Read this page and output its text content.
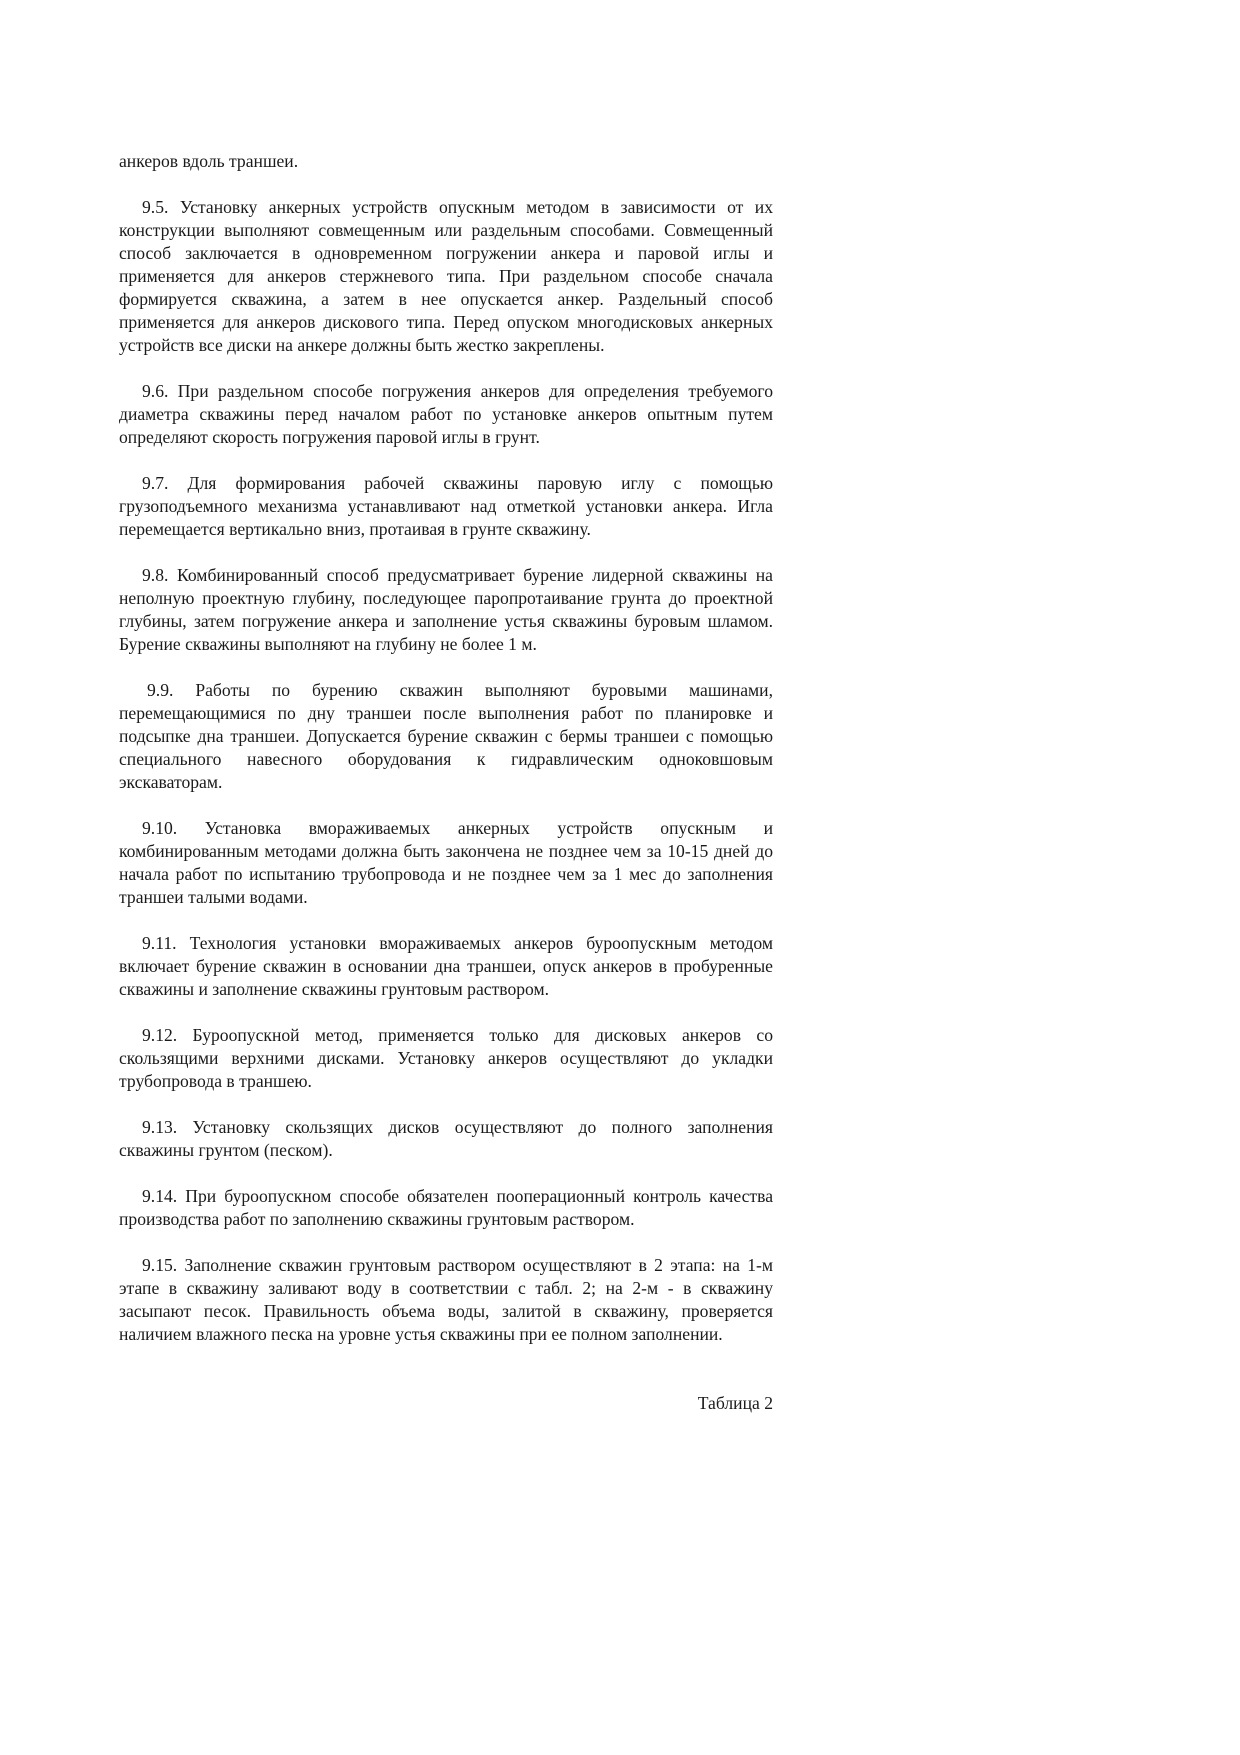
анкеров вдоль траншеи.

9.5. Установку анкерных устройств опускным методом в зависимости от их конструкции выполняют совмещенным или раздельным способами. Совмещенный способ заключается в одновременном погружении анкера и паровой иглы и применяется для анкеров стержневого типа. При раздельном способе сначала формируется скважина, а затем в нее опускается анкер. Раздельный способ применяется для анкеров дискового типа. Перед опуском многодисковых анкерных устройств все диски на анкере должны быть жестко закреплены.

9.6. При раздельном способе погружения анкеров для определения требуемого диаметра скважины перед началом работ по установке анкеров опытным путем определяют скорость погружения паровой иглы в грунт.

9.7. Для формирования рабочей скважины паровую иглу с помощью грузоподъемного механизма устанавливают над отметкой установки анкера. Игла перемещается вертикально вниз, протаивая в грунте скважину.

9.8. Комбинированный способ предусматривает бурение лидерной скважины на неполную проектную глубину, последующее паропротаивание грунта до проектной глубины, затем погружение анкера и заполнение устья скважины буровым шламом. Бурение скважины выполняют на глубину не более 1 м.

9.9. Работы по бурению скважин выполняют буровыми машинами, перемещающимися по дну траншеи после выполнения работ по планировке и подсыпке дна траншеи. Допускается бурение скважин с бермы траншеи с помощью специального навесного оборудования к гидравлическим одноковшовым экскаваторам.

9.10. Установка вмораживаемых анкерных устройств опускным и комбинированным методами должна быть закончена не позднее чем за 10-15 дней до начала работ по испытанию трубопровода и не позднее чем за 1 мес до заполнения траншеи талыми водами.

9.11. Технология установки вмораживаемых анкеров буроопускным методом включает бурение скважин в основании дна траншеи, опуск анкеров в пробуренные скважины и заполнение скважины грунтовым раствором.

9.12. Буроопускной метод, применяется только для дисковых анкеров со скользящими верхними дисками. Установку анкеров осуществляют до укладки трубопровода в траншею.

9.13. Установку скользящих дисков осуществляют до полного заполнения скважины грунтом (песком).

9.14. При буроопускном способе обязателен пооперационный контроль качества производства работ по заполнению скважины грунтовым раствором.

9.15. Заполнение скважин грунтовым раствором осуществляют в 2 этапа: на 1-м этапе в скважину заливают воду в соответствии с табл. 2; на 2-м - в скважину засыпают песок. Правильность объема воды, залитой в скважину, проверяется наличием влажного песка на уровне устья скважины при ее полном заполнении.

Таблица 2
